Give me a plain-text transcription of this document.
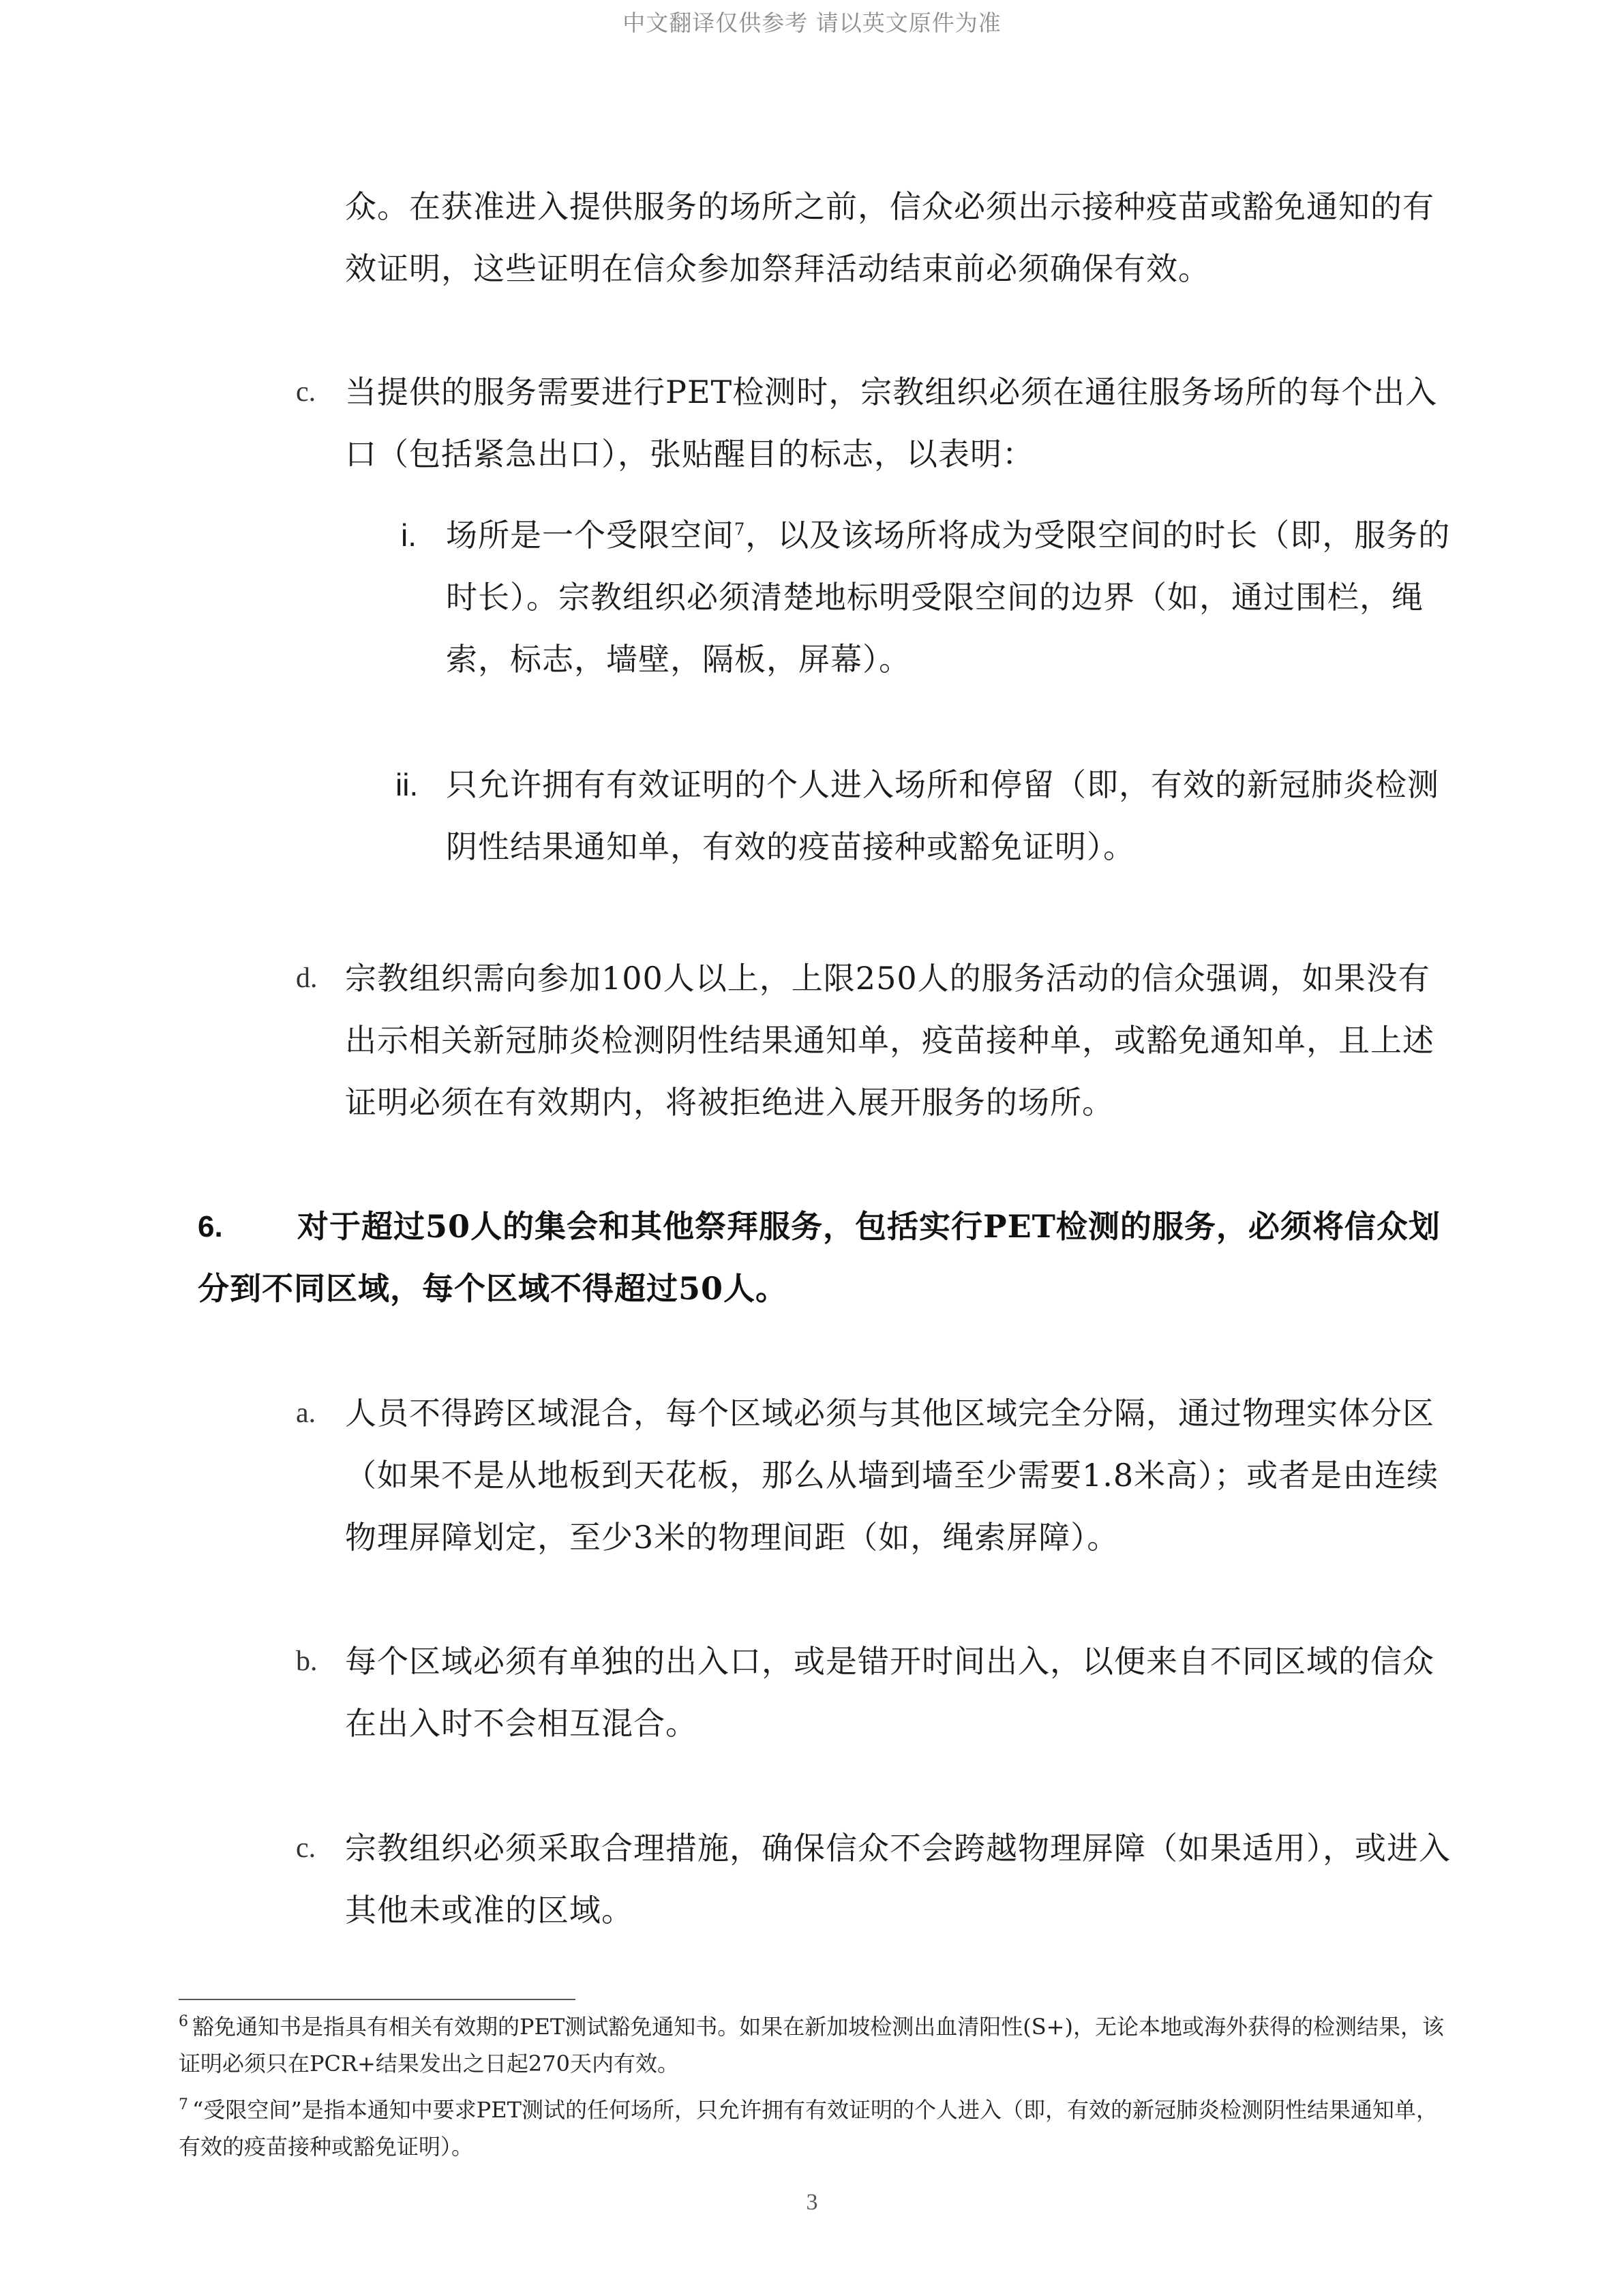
中文翻译仅供参考 请以英文原件为准

众。在获准进入提供服务的场所之前，信众必须出示接种疫苗或豁免通知的有效证明，这些证明在信众参加祭拜活动结束前必须确保有效。

c. 当提供的服务需要进行PET检测时，宗教组织必须在通往服务场所的每个出入口（包括紧急出口），张贴醒目的标志，以表明：

i. 场所是一个受限空间$^7$，以及该场所将成为受限空间的时长（即，服务的时长）。宗教组织必须清楚地标明受限空间的边界（如，通过围栏，绳索，标志，墙壁，隔板，屏幕）。

ii. 只允许拥有有效证明的个人进入场所和停留（即，有效的新冠肺炎检测阴性结果通知单，有效的疫苗接种或豁免证明）。

d. 宗教组织需向参加100人以上，上限250人的服务活动的信众强调，如果没有出示相关新冠肺炎检测阴性结果通知单，疫苗接种单，或豁免通知单，且上述证明必须在有效期内，将被拒绝进入展开服务的场所。

6.	对于超过50人的集会和其他祭拜服务，包括实行PET检测的服务，必须将信众划分到不同区域，每个区域不得超过50人。

a. 人员不得跨区域混合，每个区域必须与其他区域完全分隔，通过物理实体分区（如果不是从地板到天花板，那么从墙到墙至少需要1.8米高）；或者是由连续物理屏障划定，至少3米的物理间距（如，绳索屏障）。

b. 每个区域必须有单独的出入口，或是错开时间出入，以便来自不同区域的信众在出入时不会相互混合。

c. 宗教组织必须采取合理措施，确保信众不会跨越物理屏障（如果适用），或进入其他未或准的区域。

$^6$ 豁免通知书是指具有相关有效期的PET测试豁免通知书。如果在新加坡检测出血清阳性(S+)，无论本地或海外获得的检测结果，该证明必须只在PCR+结果发出之日起270天内有效。

$^7$ “受限空间”是指本通知中要求PET测试的任何场所，只允许拥有有效证明的个人进入（即，有效的新冠肺炎检测阴性结果通知单，有效的疫苗接种或豁免证明）。

3
